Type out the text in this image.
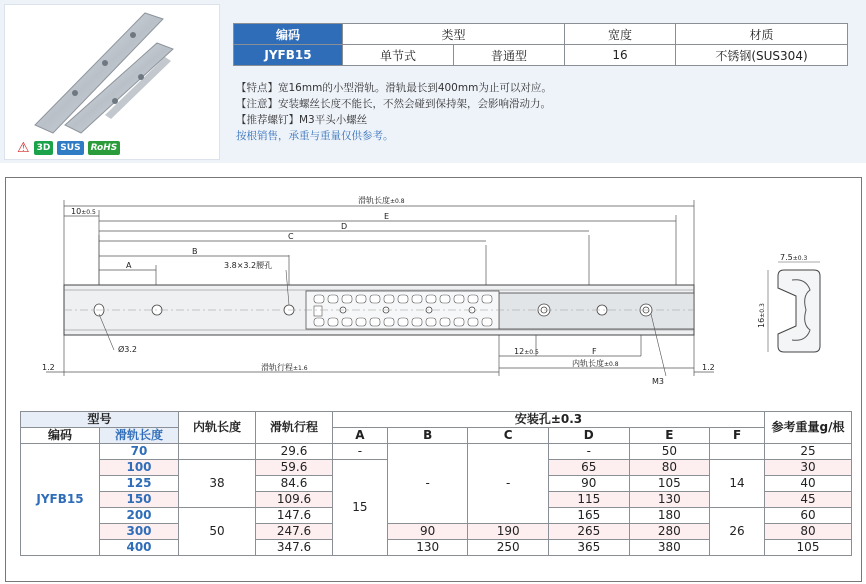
⚠ 3D	SUS	RoHS
编码	类型		宽度	材质
JYFB15	单节式	普通型	16	不锈钢(SUS304)
【特点】宽16mm的小型滑轨。滑轨最长到400mm为止可以对应。
【注意】安装螺丝长度不能长，不然会碰到保持架，会影响滑动力。
【推荐螺钉】M3平头小螺丝
按根销售，承重与重量仅供参考。
滑轨长度±0.8
10±0.5	E
D
C
B
A	3.8×3.2腰孔
Ø3.2	12±0.5	F
内轨长度±0.8
滑轨行程±1.6
1.2	1.2
M3
7.5±0.3
16±0.3
型号		内轨长度	滑轨行程	安装孔±0.3						参考重量g/根
编码	滑轨长度			A	B	C	D	E	F	
JYFB15	70		29.6	-	-	-	-	50		25
	100	38	59.6	15			65	80	14	30
	125		84.6				90	105		40
	150		109.6				115	130		45
	200	50	147.6				165	180	26	60
	300		247.6		90	190	265	280		80
	400		347.6		130	250	365	380		105
